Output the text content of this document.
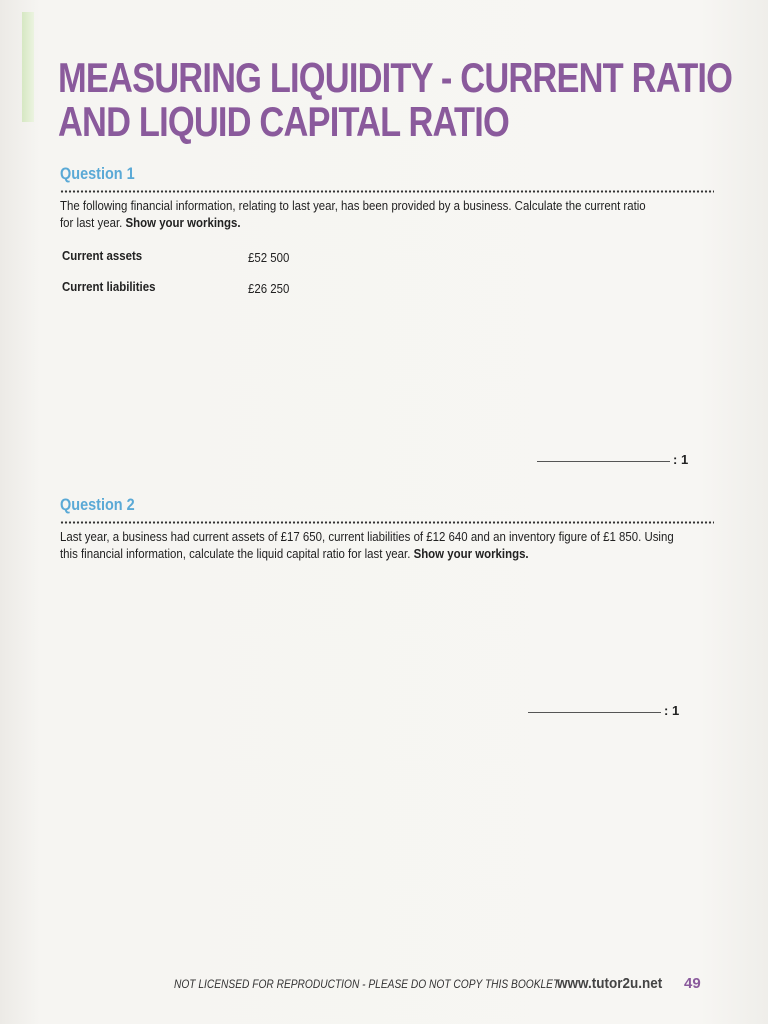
MEASURING LIQUIDITY - CURRENT RATIO
AND LIQUID CAPITAL RATIO
Question 1
The following financial information, relating to last year, has been provided by a business. Calculate the current ratio for last year. Show your workings.
Current assets	£52 500
Current liabilities	£26 250
: 1
Question 2
Last year, a business had current assets of £17 650, current liabilities of £12 640 and an inventory figure of £1 850. Using this financial information, calculate the liquid capital ratio for last year. Show your workings.
: 1
NOT LICENSED FOR REPRODUCTION - PLEASE DO NOT COPY THIS BOOKLET
www.tutor2u.net 49
